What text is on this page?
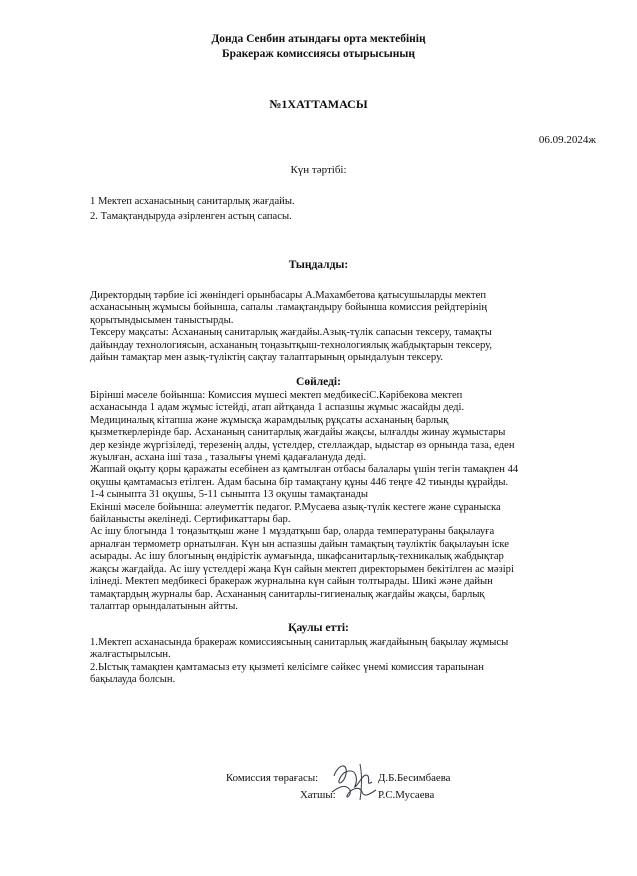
Донда Сенбин атындағы орта мектебінің
Бракераж комиссиясы отырысының
№1ХАТТАМАСЫ
06.09.2024ж
Күн тәртібі:

1 Мектеп асханасының санитарлық жағдайы.

2. Тамақтандыруда әзірленген астың сапасы.

Тыңдалды:

Директордың тәрбие ісі жөніндегі орынбасары А.Махамбетова қатысушыларды мектеп

асханасының жұмысы бойынша, сапалы .тамақтандыру бойынша комиссия рейдтерінің

қорытындысымен таныстырды.

Тексеру мақсаты: Асхананың санитарлық жағдайы.Азық-түлік сапасын тексеру, тамақты

дайындау технологиясын, асхананың тоңазытқыш-технологиялық жабдықтарын тексеру,

дайын тамақтар мен азық-түліктің сақтау талаптарының орындалуын тексеру.

Сөйледі:

Бірінші мәселе бойынша: Комиссия мүшесі мектеп медбикесіС.Кәрібекова мектеп

асханасында 1 адам жұмыс істейді, атап айтқанда 1 аспазшы жұмыс жасайды деді.

Медициналық кітапша және жұмысқа жарамдылық рұқсаты асхананың барлық

қызметкерлерінде бар. Асхананың санитарлық жағдайы жақсы, ылғалды жинау жұмыстары

дер кезінде жүргізіледі, терезенің алды, үстелдер, стеллаждар, ыдыстар өз орнында таза, еден

жуылған, асхана іші таза , тазалығы үнемі қадағалануда деді.

Жаппай оқыту қоры қаражаты есебінен аз қамтылған отбасы балалары үшін тегін тамақпен 44

оқушы қамтамасыз етілген. Адам басына бір тамақтану құны 446 теңге 42 тиынды құрайды.

1-4 сыныпта 31 оқушы, 5-11 сыныпта 13 оқушы тамақтанады

Екінші мәселе бойынша: әлеуметтік педагог. Р.Мусаева азық-түлік кестеге және сұраныска

байланысты әкелінеді. Сертификаттары бар.

Ас ішу блогында 1 тоңазытқыш және 1 мұздатқыш бар, оларда температураны бақылауға

арналған термометр орнатылған. Күн ын аспазшы дайын тамақтың тәуліктік бақылауын іске

асырады. Ас ішу блогының өндірістік аумағында, шкафсанитарлық-техникалық жабдықтар

жақсы жағдайда. Ас ішу үстелдері жаңа Күн сайын мектеп директорымен бекітілген ас мәзірі

ілінеді. Мектеп медбикесі бракераж журналына күн сайын толтырады. Шикі және дайын

тамақтардың журналы бар. Асхананың санитарлы-гигиеналық жағдайы жақсы, барлық

талаптар орындалатынын айтты.

Қаулы етті:

1.Мектеп асханасында бракераж комиссиясының санитарлық жағдайының бақылау жұмысы

жалғастырылсын.

2.Ыстық тамақпен қамтамасыз ету қызметі келісімге сәйкес үнемі комиссия тарапынан

бақылауда болсын.

Комиссия төрағасы:	Д.Б.Бесимбаева
Хатшы:	Р.С.Мусаева
